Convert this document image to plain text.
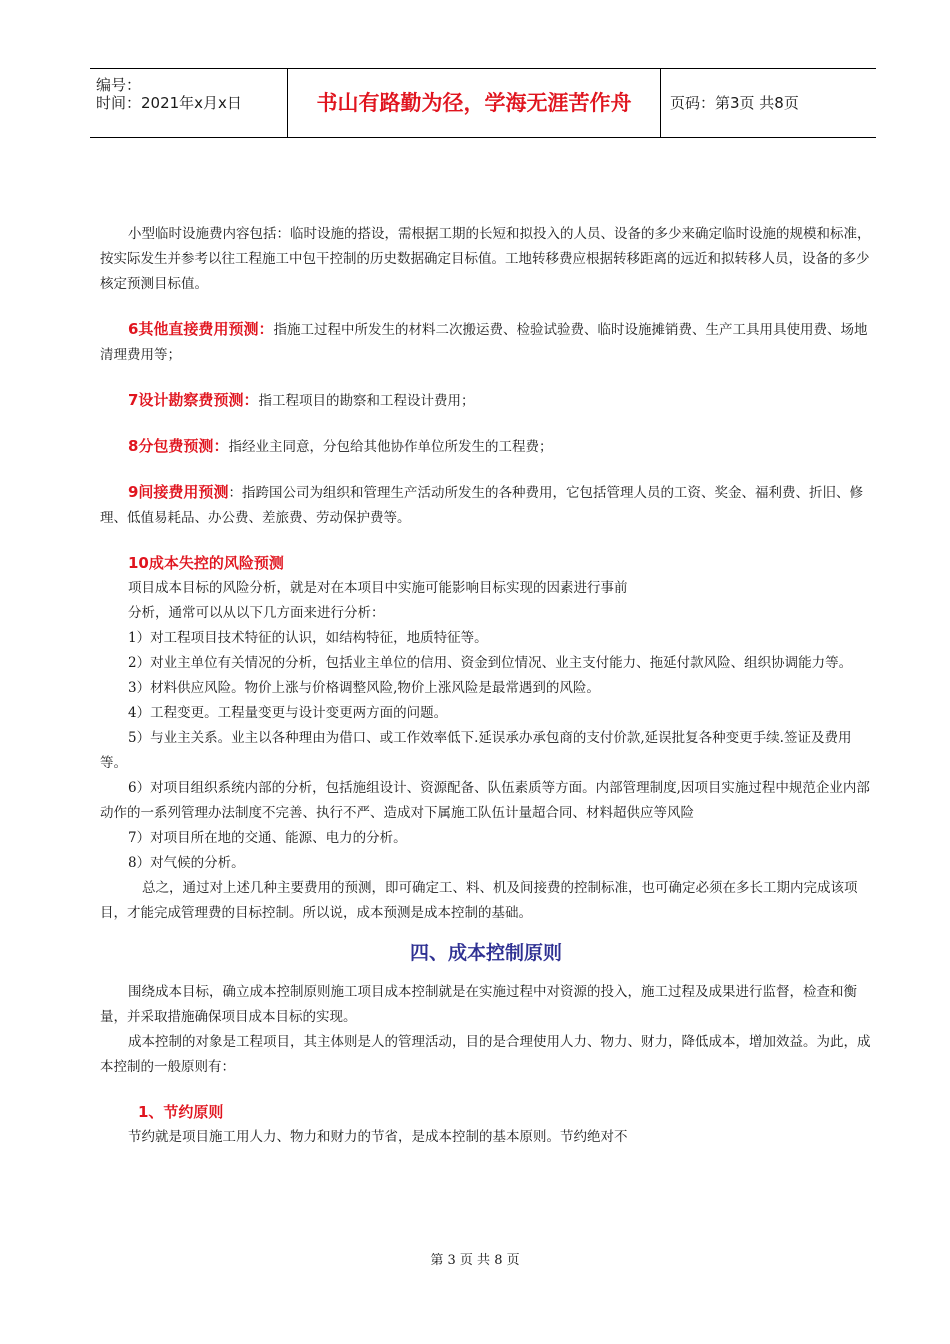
编号：
时间：2021年x月x日	书山有路勤为径，学海无涯苦作舟	页码：第3页 共8页

小型临时设施费内容包括：临时设施的搭设，需根据工期的长短和拟投入的人员、设备的多少来确定临时设施的规模和标准，按实际发生并参考以往工程施工中包干控制的历史数据确定目标值。工地转移费应根据转移距离的远近和拟转移人员，设备的多少核定预测目标值。

6其他直接费用预测：指施工过程中所发生的材料二次搬运费、检验试验费、临时设施摊销费、生产工具用具使用费、场地清理费用等；

7设计勘察费预测：指工程项目的勘察和工程设计费用；

8分包费预测：指经业主同意，分包给其他协作单位所发生的工程费；

9间接费用预测：指跨国公司为组织和管理生产活动所发生的各种费用，它包括管理人员的工资、奖金、福利费、折旧、修理、低值易耗品、办公费、差旅费、劳动保护费等。

10成本失控的风险预测

项目成本目标的风险分析，就是对在本项目中实施可能影响目标实现的因素进行事前

分析，通常可以从以下几方面来进行分析：

1）对工程项目技术特征的认识，如结构特征，地质特征等。

2）对业主单位有关情况的分析，包括业主单位的信用、资金到位情况、业主支付能力、拖延付款风险、组织协调能力等。

3）材料供应风险。物价上涨与价格调整风险,物价上涨风险是最常遇到的风险。

4）工程变更。工程量变更与设计变更两方面的问题。

5）与业主关系。业主以各种理由为借口、或工作效率低下.延误承办承包商的支付价款,延误批复各种变更手续.签证及费用等。

6）对项目组织系统内部的分析，包括施组设计、资源配备、队伍素质等方面。内部管理制度,因项目实施过程中规范企业内部动作的一系列管理办法制度不完善、执行不严、造成对下属施工队伍计量超合同、材料超供应等风险

7）对项目所在地的交通、能源、电力的分析。

8）对气候的分析。

总之，通过对上述几种主要费用的预测，即可确定工、料、机及间接费的控制标准，也可确定必须在多长工期内完成该项目，才能完成管理费的目标控制。所以说，成本预测是成本控制的基础。

四、成本控制原则

围绕成本目标，确立成本控制原则施工项目成本控制就是在实施过程中对资源的投入，施工过程及成果进行监督，检查和衡量，并采取措施确保项目成本目标的实现。

成本控制的对象是工程项目，其主体则是人的管理活动，目的是合理使用人力、物力、财力，降低成本，增加效益。为此，成本控制的一般原则有：

1、节约原则

节约就是项目施工用人力、物力和财力的节省，是成本控制的基本原则。节约绝对不

第 3 页 共 8 页
